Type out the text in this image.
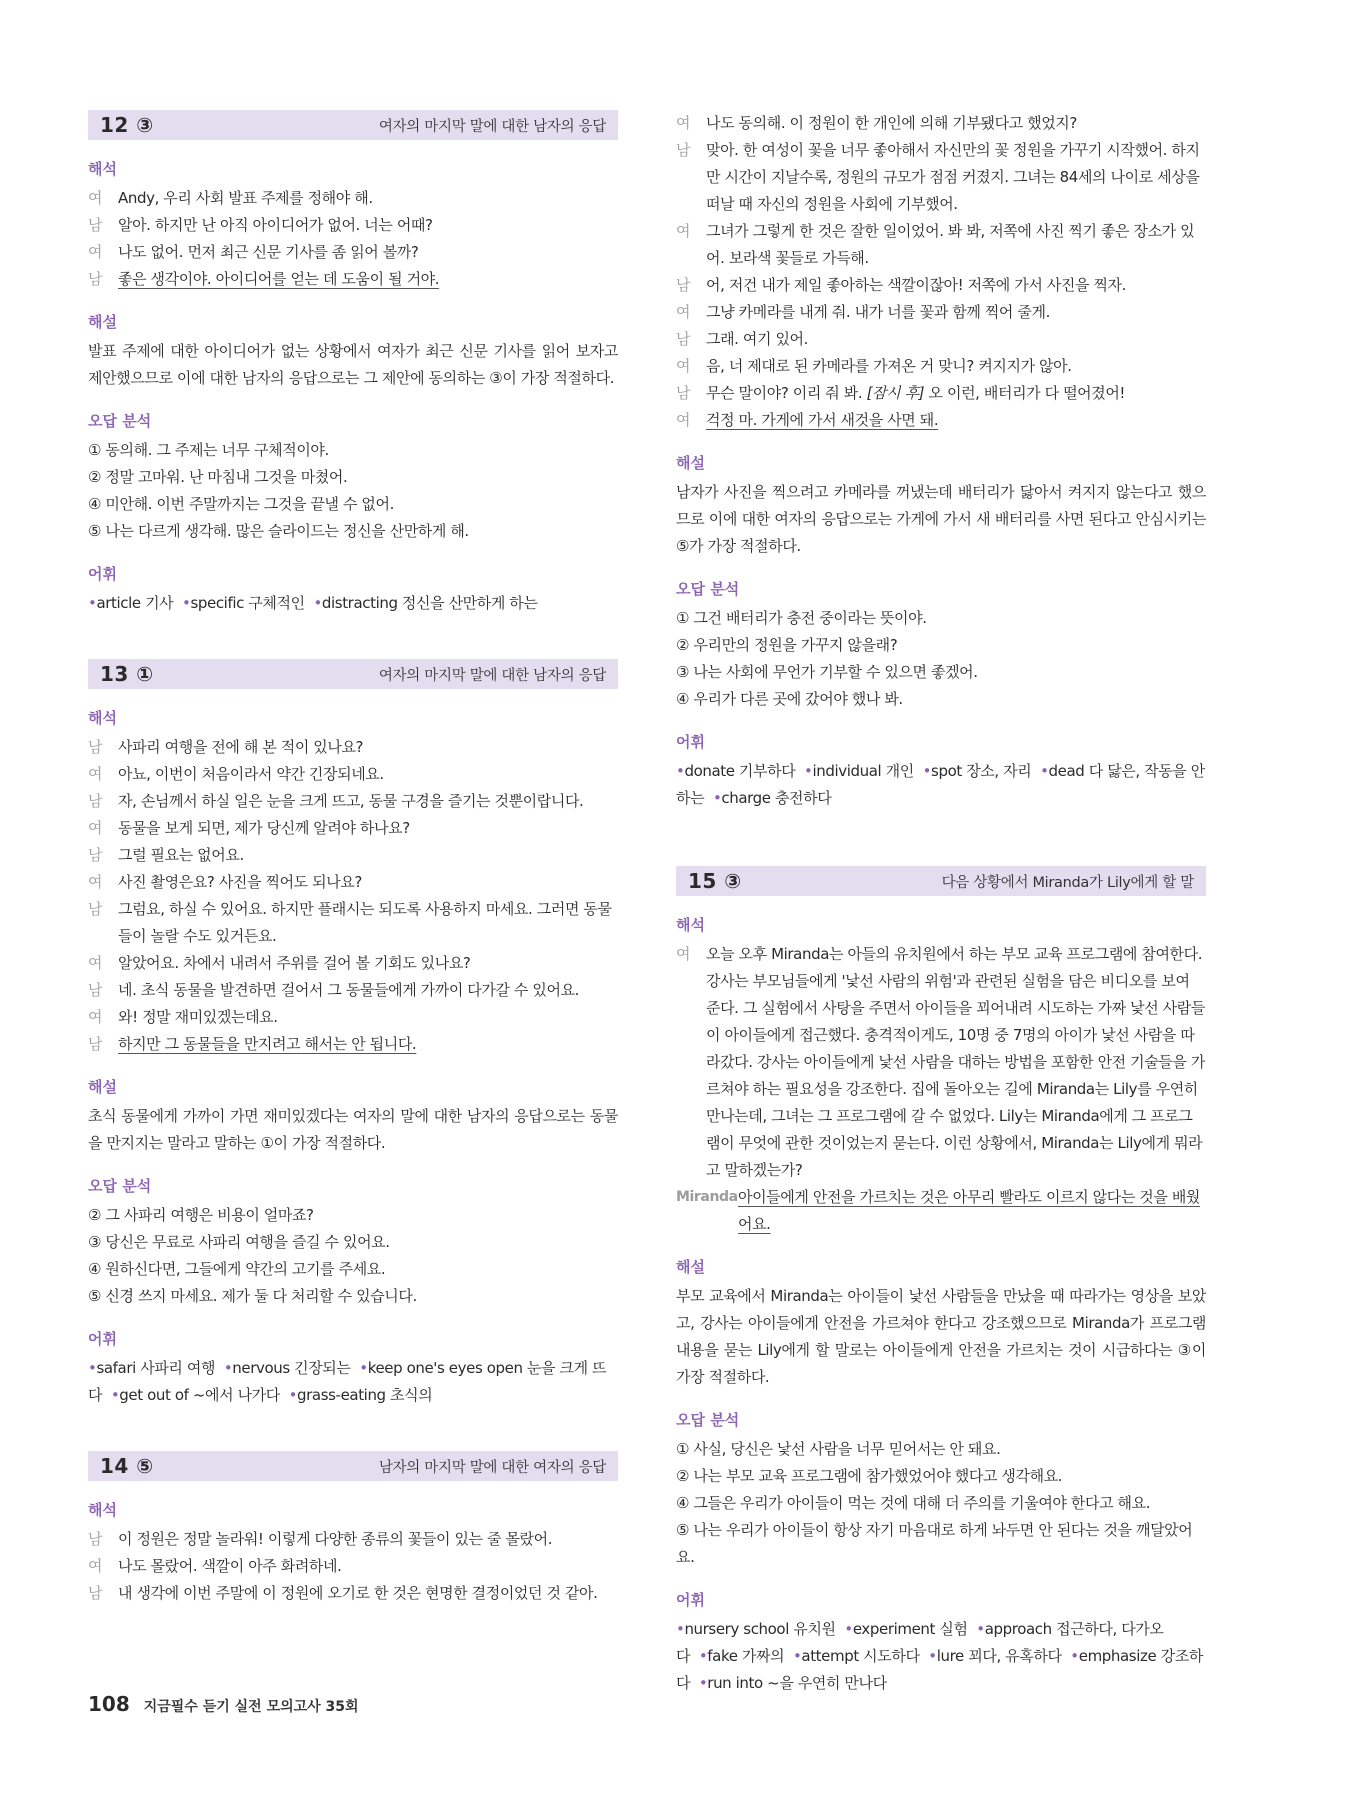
12 ③	여자의 마지막 말에 대한 남자의 응답
해석
여	Andy, 우리 사회 발표 주제를 정해야 해.
남	알아. 하지만 난 아직 아이디어가 없어. 너는 어때?
여	나도 없어. 먼저 최근 신문 기사를 좀 읽어 볼까?
남	좋은 생각이야. 아이디어를 얻는 데 도움이 될 거야.
해설
발표 주제에 대한 아이디어가 없는 상황에서 여자가 최근 신문 기사를 읽어 보자고 제안했으므로 이에 대한 남자의 응답으로는 그 제안에 동의하는 ③이 가장 적절하다.
오답 분석
① 동의해. 그 주제는 너무 구체적이야.
② 정말 고마워. 난 마침내 그것을 마쳤어.
④ 미안해. 이번 주말까지는 그것을 끝낼 수 없어.
⑤ 나는 다르게 생각해. 많은 슬라이드는 정신을 산만하게 해.
어휘
•article 기사 •specific 구체적인 •distracting 정신을 산만하게 하는
13 ①	여자의 마지막 말에 대한 남자의 응답
해석
남	사파리 여행을 전에 해 본 적이 있나요?
여	아뇨, 이번이 처음이라서 약간 긴장되네요.
남	자, 손님께서 하실 일은 눈을 크게 뜨고, 동물 구경을 즐기는 것뿐이랍니다.
여	동물을 보게 되면, 제가 당신께 알려야 하나요?
남	그럴 필요는 없어요.
여	사진 촬영은요? 사진을 찍어도 되나요?
남	그럼요, 하실 수 있어요. 하지만 플래시는 되도록 사용하지 마세요. 그러면 동물들이 놀랄 수도 있거든요.
여	알았어요. 차에서 내려서 주위를 걸어 볼 기회도 있나요?
남	네. 초식 동물을 발견하면 걸어서 그 동물들에게 가까이 다가갈 수 있어요.
여	와! 정말 재미있겠는데요.
남	하지만 그 동물들을 만지려고 해서는 안 됩니다.
해설
초식 동물에게 가까이 가면 재미있겠다는 여자의 말에 대한 남자의 응답으로는 동물을 만지지는 말라고 말하는 ①이 가장 적절하다.
오답 분석
② 그 사파리 여행은 비용이 얼마죠?
③ 당신은 무료로 사파리 여행을 즐길 수 있어요.
④ 원하신다면, 그들에게 약간의 고기를 주세요.
⑤ 신경 쓰지 마세요. 제가 둘 다 처리할 수 있습니다.
어휘
•safari 사파리 여행 •nervous 긴장되는 •keep one's eyes open 눈을 크게 뜨다 •get out of ~에서 나가다 •grass-eating 초식의
14 ⑤	남자의 마지막 말에 대한 여자의 응답
해석
남	이 정원은 정말 놀라워! 이렇게 다양한 종류의 꽃들이 있는 줄 몰랐어.
여	나도 몰랐어. 색깔이 아주 화려하네.
남	내 생각에 이번 주말에 이 정원에 오기로 한 것은 현명한 결정이었던 것 같아.
여	나도 동의해. 이 정원이 한 개인에 의해 기부됐다고 했었지?
남	맞아. 한 여성이 꽃을 너무 좋아해서 자신만의 꽃 정원을 가꾸기 시작했어. 하지만 시간이 지날수록, 정원의 규모가 점점 커졌지. 그녀는 84세의 나이로 세상을 떠날 때 자신의 정원을 사회에 기부했어.
여	그녀가 그렇게 한 것은 잘한 일이었어. 봐 봐, 저쪽에 사진 찍기 좋은 장소가 있어. 보라색 꽃들로 가득해.
남	어, 저건 내가 제일 좋아하는 색깔이잖아! 저쪽에 가서 사진을 찍자.
여	그냥 카메라를 내게 줘. 내가 너를 꽃과 함께 찍어 줄게.
남	그래. 여기 있어.
여	음, 너 제대로 된 카메라를 가져온 거 맞니? 켜지지가 않아.
남	무슨 말이야? 이리 줘 봐. [잠시 후] 오 이런, 배터리가 다 떨어졌어!
여	걱정 마. 가게에 가서 새것을 사면 돼.
해설
남자가 사진을 찍으려고 카메라를 꺼냈는데 배터리가 닳아서 켜지지 않는다고 했으므로 이에 대한 여자의 응답으로는 가게에 가서 새 배터리를 사면 된다고 안심시키는 ⑤가 가장 적절하다.
오답 분석
① 그건 배터리가 충전 중이라는 뜻이야.
② 우리만의 정원을 가꾸지 않을래?
③ 나는 사회에 무언가 기부할 수 있으면 좋겠어.
④ 우리가 다른 곳에 갔어야 했나 봐.
어휘
•donate 기부하다 •individual 개인 •spot 장소, 자리 •dead 다 닳은, 작동을 안 하는 •charge 충전하다
15 ③	다음 상황에서 Miranda가 Lily에게 할 말
해석
여	오늘 오후 Miranda는 아들의 유치원에서 하는 부모 교육 프로그램에 참여한다. 강사는 부모님들에게 '낯선 사람의 위험'과 관련된 실험을 담은 비디오를 보여 준다. 그 실험에서 사탕을 주면서 아이들을 꾀어내려 시도하는 가짜 낯선 사람들이 아이들에게 접근했다. 충격적이게도, 10명 중 7명의 아이가 낯선 사람을 따라갔다. 강사는 아이들에게 낯선 사람을 대하는 방법을 포함한 안전 기술들을 가르쳐야 하는 필요성을 강조한다. 집에 돌아오는 길에 Miranda는 Lily를 우연히 만나는데, 그녀는 그 프로그램에 갈 수 없었다. Lily는 Miranda에게 그 프로그램이 무엇에 관한 것이었는지 묻는다. 이런 상황에서, Miranda는 Lily에게 뭐라고 말하겠는가?
Miranda 아이들에게 안전을 가르치는 것은 아무리 빨라도 이르지 않다는 것을 배웠어요.
해설
부모 교육에서 Miranda는 아이들이 낯선 사람들을 만났을 때 따라가는 영상을 보았고, 강사는 아이들에게 안전을 가르쳐야 한다고 강조했으므로 Miranda가 프로그램 내용을 묻는 Lily에게 할 말로는 아이들에게 안전을 가르치는 것이 시급하다는 ③이 가장 적절하다.
오답 분석
① 사실, 당신은 낯선 사람을 너무 믿어서는 안 돼요.
② 나는 부모 교육 프로그램에 참가했었어야 했다고 생각해요.
④ 그들은 우리가 아이들이 먹는 것에 대해 더 주의를 기울여야 한다고 해요.
⑤ 나는 우리가 아이들이 항상 자기 마음대로 하게 놔두면 안 된다는 것을 깨달았어요.
어휘
•nursery school 유치원 •experiment 실험 •approach 접근하다, 다가오다 •fake 가짜의 •attempt 시도하다 •lure 꾀다, 유혹하다 •emphasize 강조하다 •run into ~을 우연히 만나다
108 지금필수 듣기 실전 모의고사 35회
